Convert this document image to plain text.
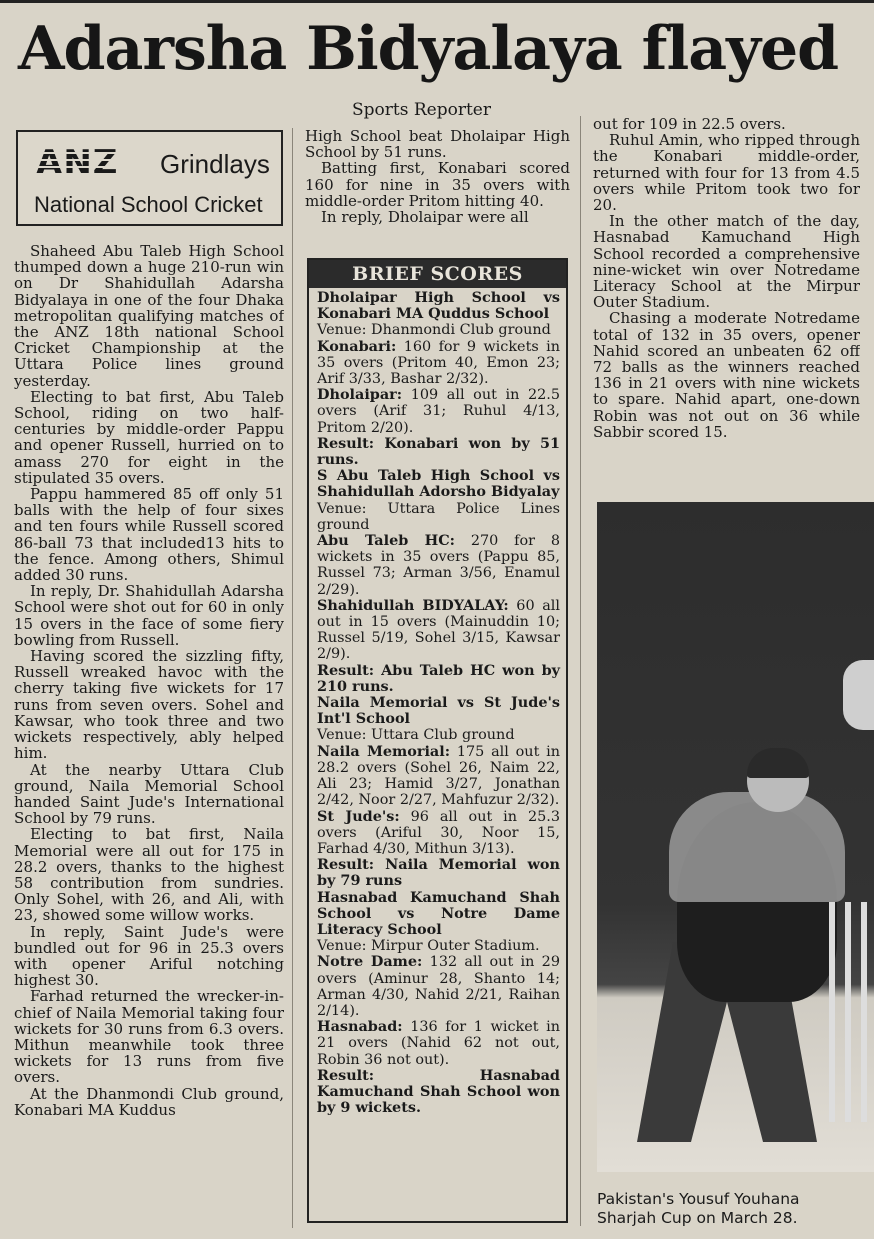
Adarsha Bidyalaya flayed
Sports Reporter
ANZ Grindlays
National School Cricket

Shaheed Abu Taleb High School thumped down a huge 210-run win on Dr Shahidullah Adarsha Bidyalaya in one of the four Dhaka metropolitan qualifying matches of the ANZ 18th national School Cricket Championship at the Uttara Police lines ground yesterday.

Electing to bat first, Abu Taleb School, riding on two half-centuries by middle-order Pappu and opener Russell, hurried on to amass 270 for eight in the stipulated 35 overs.

Pappu hammered 85 off only 51 balls with the help of four sixes and ten fours while Russell scored 86-ball 73 that included13 hits to the fence. Among others, Shimul added 30 runs.

In reply, Dr. Shahidullah Adarsha School were shot out for 60 in only 15 overs in the face of some fiery bowling from Russell.

Having scored the sizzling fifty, Russell wreaked havoc with the cherry taking five wickets for 17 runs from seven overs. Sohel and Kawsar, who took three and two wickets respectively, ably helped him.

At the nearby Uttara Club ground, Naila Memorial School handed Saint Jude's International School by 79 runs.

Electing to bat first, Naila Memorial were all out for 175 in 28.2 overs, thanks to the highest 58 contribution from sundries. Only Sohel, with 26, and Ali, with 23, showed some willow works.

In reply, Saint Jude's were bundled out for 96 in 25.3 overs with opener Ariful notching highest 30.

Farhad returned the wrecker-in-chief of Naila Memorial taking four wickets for 30 runs from 6.3 overs. Mithun meanwhile took three wickets for 13 runs from five overs.

At the Dhanmondi Club ground, Konabari MA Kuddus

High School beat Dholaipar High School by 51 runs.

Batting first, Konabari scored 160 for nine in 35 overs with middle-order Pritom hitting 40.

In reply, Dholaipar were all

BRIEF SCORES
Dholaipar High School vs Konabari MA Quddus School
Venue: Dhanmondi Club ground
Konabari: 160 for 9 wickets in 35 overs (Pritom 40, Emon 23; Arif 3/33, Bashar 2/32).
Dholaipar: 109 all out in 22.5 overs (Arif 31; Ruhul 4/13, Pritom 2/20).
Result: Konabari won by 51 runs.
S Abu Taleb High School vs Shahidullah Adorsho Bidyalay
Venue: Uttara Police Lines ground
Abu Taleb HC: 270 for 8 wickets in 35 overs (Pappu 85, Russel 73; Arman 3/56, Enamul 2/29).
Shahidullah BIDYALAY: 60 all out in 15 overs (Mainuddin 10; Russel 5/19, Sohel 3/15, Kawsar 2/9).
Result: Abu Taleb HC won by 210 runs.
Naila Memorial vs St Jude's Int'l School
Venue: Uttara Club ground
Naila Memorial: 175 all out in 28.2 overs (Sohel 26, Naim 22, Ali 23; Hamid 3/27, Jonathan 2/42, Noor 2/27, Mahfuzur 2/32).
St Jude's: 96 all out in 25.3 overs (Ariful 30, Noor 15, Farhad 4/30, Mithun 3/13).
Result: Naila Memorial won by 79 runs
Hasnabad Kamuchand Shah School vs Notre Dame Literacy School
Venue: Mirpur Outer Stadium.
Notre Dame: 132 all out in 29 overs (Aminur 28, Shanto 14; Arman 4/30, Nahid 2/21, Raihan 2/14).
Hasnabad: 136 for 1 wicket in 21 overs (Nahid 62 not out, Robin 36 not out).
Result: Hasnabad Kamuchand Shah School won by 9 wickets.

out for 109 in 22.5 overs.

Ruhul Amin, who ripped through the Konabari middle-order, returned with four for 13 from 4.5 overs while Pritom took two for 20.

In the other match of the day, Hasnabad Kamuchand High School recorded a comprehensive nine-wicket win over Notredame Literacy School at the Mirpur Outer Stadium.

Chasing a moderate Notredame total of 132 in 35 overs, opener Nahid scored an unbeaten 62 off 72 balls as the winners reached 136 in 21 overs with nine wickets to spare. Nahid apart, one-down Robin was not out on 36 while Sabbir scored 15.

Pakistan's Yousuf Youhana
Sharjah Cup on March 28.
